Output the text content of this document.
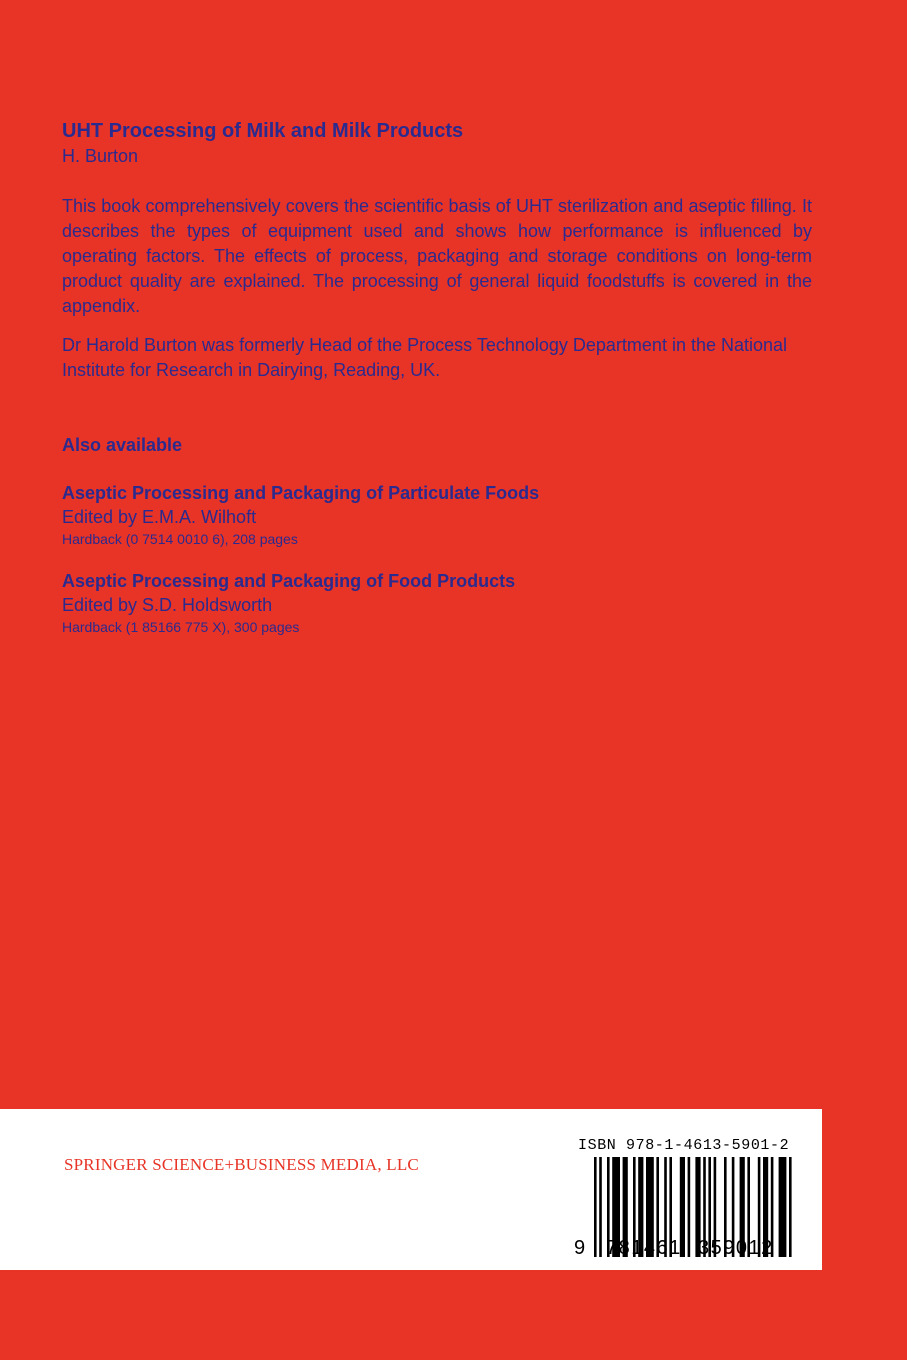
UHT Processing of Milk and Milk Products

H. Burton

This book comprehensively covers the scientific basis of UHT sterilization and aseptic filling. It describes the types of equipment used and shows how performance is influenced by operating factors. The effects of process, packaging and storage conditions on long-term product quality are explained. The processing of general liquid foodstuffs is covered in the appendix.

Dr Harold Burton was formerly Head of the Process Technology Department in the National Institute for Research in Dairying, Reading, UK.

Also available

Aseptic Processing and Packaging of Particulate Foods
Edited by E.M.A. Wilhoft
Hardback (0 7514 0010 6), 208 pages
Aseptic Processing and Packaging of Food Products
Edited by S.D. Holdsworth
Hardback (1 85166 775 X), 300 pages
SPRINGER SCIENCE+BUSINESS MEDIA, LLC
ISBN 978-1-4613-5901-2
9 781461 359012
